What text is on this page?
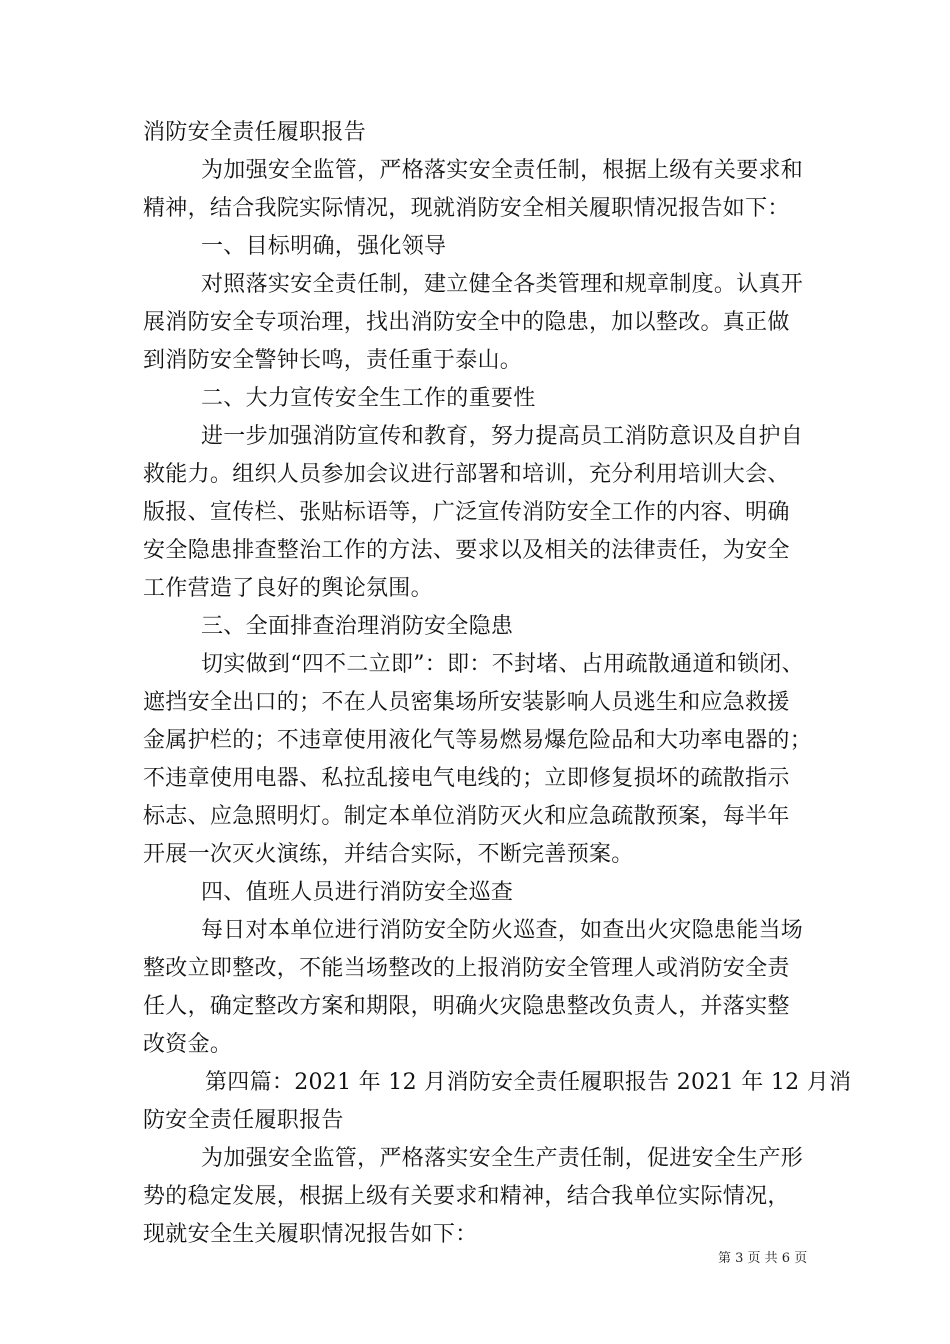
消防安全责任履职报告
为加强安全监管，严格落实安全责任制，根据上级有关要求和
精神，结合我院实际情况，现就消防安全相关履职情况报告如下：
一、目标明确，强化领导
对照落实安全责任制，建立健全各类管理和规章制度。认真开
展消防安全专项治理，找出消防安全中的隐患，加以整改。真正做
到消防安全警钟长鸣，责任重于泰山。
二、大力宣传安全生工作的重要性
进一步加强消防宣传和教育，努力提高员工消防意识及自护自
救能力。组织人员参加会议进行部署和培训，充分利用培训大会、
版报、宣传栏、张贴标语等，广泛宣传消防安全工作的内容、明确
安全隐患排查整治工作的方法、要求以及相关的法律责任，为安全
工作营造了良好的舆论氛围。
三、全面排查治理消防安全隐患
切实做到“四不二立即”：即：不封堵、占用疏散通道和锁闭、
遮挡安全出口的；不在人员密集场所安装影响人员逃生和应急救援
金属护栏的；不违章使用液化气等易燃易爆危险品和大功率电器的；
不违章使用电器、私拉乱接电气电线的；立即修复损坏的疏散指示
标志、应急照明灯。制定本单位消防灭火和应急疏散预案，每半年
开展一次灭火演练，并结合实际，不断完善预案。
四、值班人员进行消防安全巡查
每日对本单位进行消防安全防火巡查，如查出火灾隐患能当场
整改立即整改，不能当场整改的上报消防安全管理人或消防安全责
任人，确定整改方案和期限，明确火灾隐患整改负责人，并落实整
改资金。
第四篇：2021 年 12 月消防安全责任履职报告 2021 年 12 月消
防安全责任履职报告
为加强安全监管，严格落实安全生产责任制，促进安全生产形
势的稳定发展，根据上级有关要求和精神，结合我单位实际情况，
现就安全生关履职情况报告如下：
第 3 页 共 6 页
